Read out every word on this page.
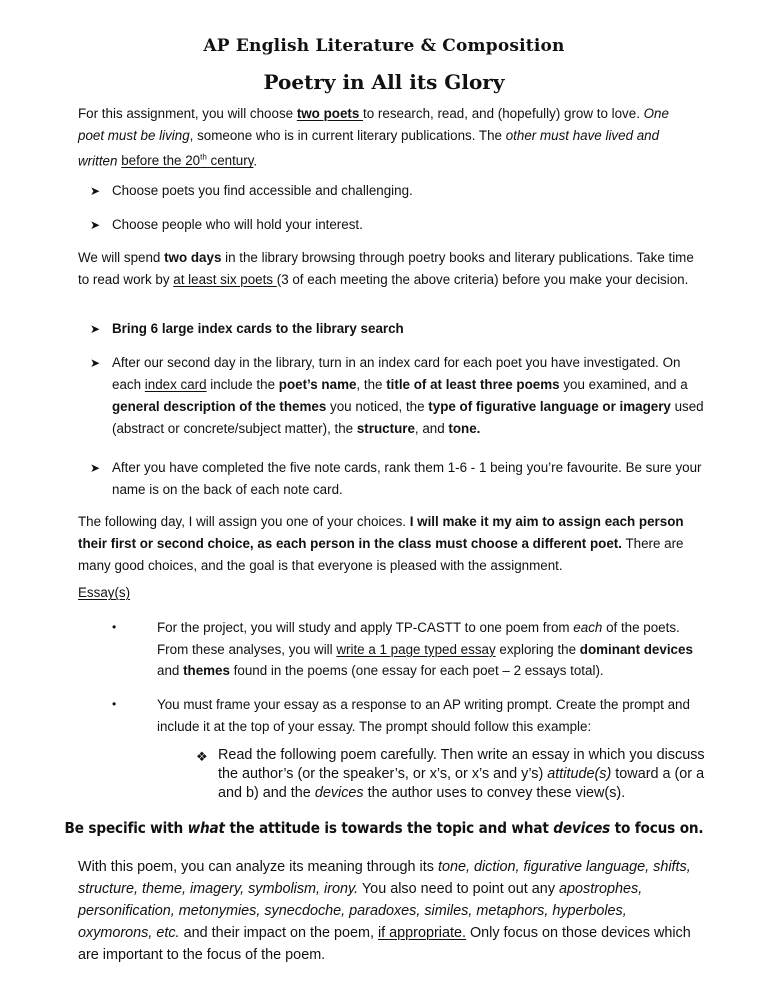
AP English Literature & Composition
Poetry in All its Glory
For this assignment, you will choose two poets to research, read, and (hopefully) grow to love. One poet must be living, someone who is in current literary publications. The other must have lived and written before the 20th century.
➤ Choose poets you find accessible and challenging.
➤ Choose people who will hold your interest.
We will spend two days in the library browsing through poetry books and literary publications. Take time to read work by at least six poets (3 of each meeting the above criteria) before you make your decision.
➤ Bring 6 large index cards to the library search
➤ After our second day in the library, turn in an index card for each poet you have investigated. On each index card include the poet’s name, the title of at least three poems you examined, and a general description of the themes you noticed, the type of figurative language or imagery used (abstract or concrete/subject matter), the structure, and tone.
➤ After you have completed the five note cards, rank them 1-6 - 1 being you’re favourite. Be sure your name is on the back of each note card.
The following day, I will assign you one of your choices. I will make it my aim to assign each person their first or second choice, as each person in the class must choose a different poet. There are many good choices, and the goal is that everyone is pleased with the assignment.
Essay(s)
•	For the project, you will study and apply TP-CASTT to one poem from each of the poets. From these analyses, you will write a 1 page typed essay exploring the dominant devices and themes found in the poems (one essay for each poet – 2 essays total).
•	You must frame your essay as a response to an AP writing prompt. Create the prompt and include it at the top of your essay. The prompt should follow this example:
❖ Read the following poem carefully. Then write an essay in which you discuss the author’s (or the speaker’s, or x’s, or x’s and y’s) attitude(s) toward a (or a and b) and the devices the author uses to convey these view(s).
Be specific with what the attitude is towards the topic and what devices to focus on.
With this poem, you can analyze its meaning through its tone, diction, figurative language, shifts, structure, theme, imagery, symbolism, irony. You also need to point out any apostrophes, personification, metonymies, synecdoche, paradoxes, similes, metaphors, hyperboles, oxymorons, etc. and their impact on the poem, if appropriate. Only focus on those devices which are important to the focus of the poem.
